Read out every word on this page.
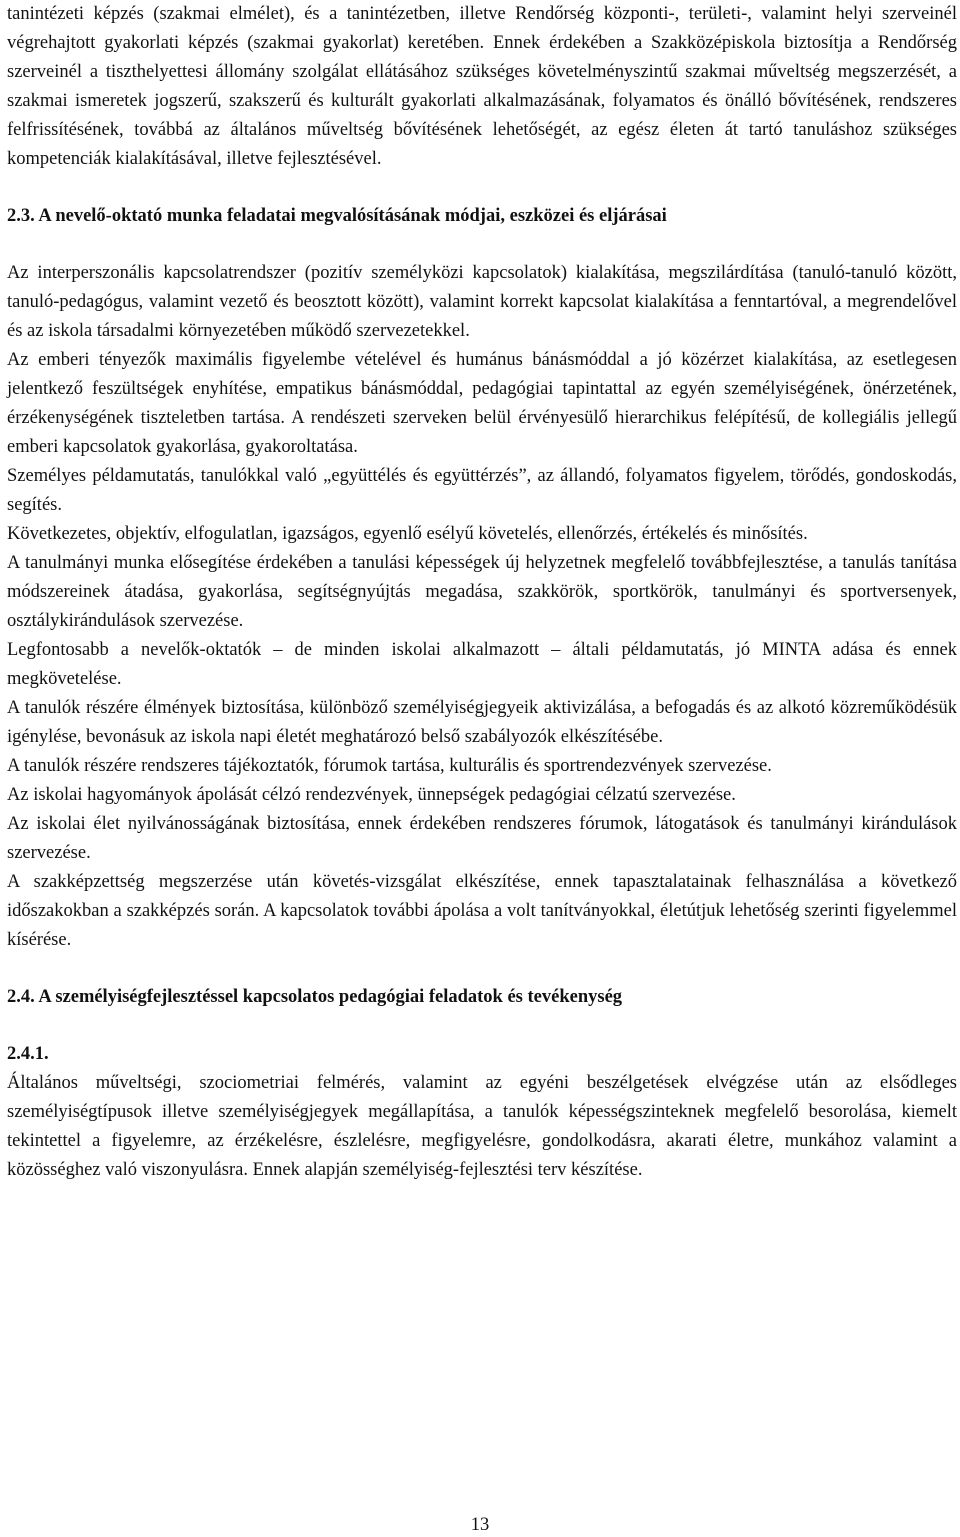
tanintézeti képzés (szakmai elmélet), és a tanintézetben, illetve Rendőrség központi-, területi-, valamint helyi szerveinél végrehajtott gyakorlati képzés (szakmai gyakorlat) keretében. Ennek érdekében a Szakközépiskola biztosítja a Rendőrség szerveinél a tiszthelyettesi állomány szolgálat ellátásához szükséges követelményszintű szakmai műveltség megszerzését, a szakmai ismeretek jogszerű, szakszerű és kulturált gyakorlati alkalmazásának, folyamatos és önálló bővítésének, rendszeres felfrissítésének, továbbá az általános műveltség bővítésének lehetőségét, az egész életen át tartó tanuláshoz szükséges kompetenciák kialakításával, illetve fejlesztésével.

2.3. A nevelő-oktató munka feladatai megvalósításának módjai, eszközei és eljárásai

Az interperszonális kapcsolatrendszer (pozitív személyközi kapcsolatok) kialakítása, megszilárdítása (tanuló-tanuló között, tanuló-pedagógus, valamint vezető és beosztott között), valamint korrekt kapcsolat kialakítása a fenntartóval, a megrendelővel és az iskola társadalmi környezetében működő szervezetekkel.

Az emberi tényezők maximális figyelembe vételével és humánus bánásmóddal a jó közérzet kialakítása, az esetlegesen jelentkező feszültségek enyhítése, empatikus bánásmóddal, pedagógiai tapintattal az egyén személyiségének, önérzetének, érzékenységének tiszteletben tartása. A rendészeti szerveken belül érvényesülő hierarchikus felépítésű, de kollegiális jellegű emberi kapcsolatok gyakorlása, gyakoroltatása.

Személyes példamutatás, tanulókkal való „együttélés és együttérzés”, az állandó, folyamatos figyelem, törődés, gondoskodás, segítés.

Következetes, objektív, elfogulatlan, igazságos, egyenlő esélyű követelés, ellenőrzés, értékelés és minősítés.

A tanulmányi munka elősegítése érdekében a tanulási képességek új helyzetnek megfelelő továbbfejlesztése, a tanulás tanítása módszereinek átadása, gyakorlása, segítségnyújtás megadása, szakkörök, sportkörök, tanulmányi és sportversenyek, osztálykirándulások szervezése.

Legfontosabb a nevelők-oktatók – de minden iskolai alkalmazott – általi példamutatás, jó MINTA adása és ennek megkövetelése.

A tanulók részére élmények biztosítása, különböző személyiségjegyeik aktivizálása, a befogadás és az alkotó közreműködésük igénylése, bevonásuk az iskola napi életét meghatározó belső szabályozók elkészítésébe.

A tanulók részére rendszeres tájékoztatók, fórumok tartása, kulturális és sportrendezvények szervezése.

Az iskolai hagyományok ápolását célzó rendezvények, ünnepségek pedagógiai célzatú szervezése.

Az iskolai élet nyilvánosságának biztosítása, ennek érdekében rendszeres fórumok, látogatások és tanulmányi kirándulások szervezése.

A szakképzettség megszerzése után követés-vizsgálat elkészítése, ennek tapasztalatainak felhasználása a következő időszakokban a szakképzés során. A kapcsolatok további ápolása a volt tanítványokkal, életútjuk lehetőség szerinti figyelemmel kísérése.

2.4. A személyiségfejlesztéssel kapcsolatos pedagógiai feladatok és tevékenység
2.4.1.

Általános műveltségi, szociometriai felmérés, valamint az egyéni beszélgetések elvégzése után az elsődleges személyiségtípusok illetve személyiségjegyek megállapítása, a tanulók képességszinteknek megfelelő besorolása, kiemelt tekintettel a figyelemre, az érzékelésre, észlelésre, megfigyelésre, gondolkodásra, akarati életre, munkához valamint a közösséghez való viszonyulásra. Ennek alapján személyiség-fejlesztési terv készítése.

13
